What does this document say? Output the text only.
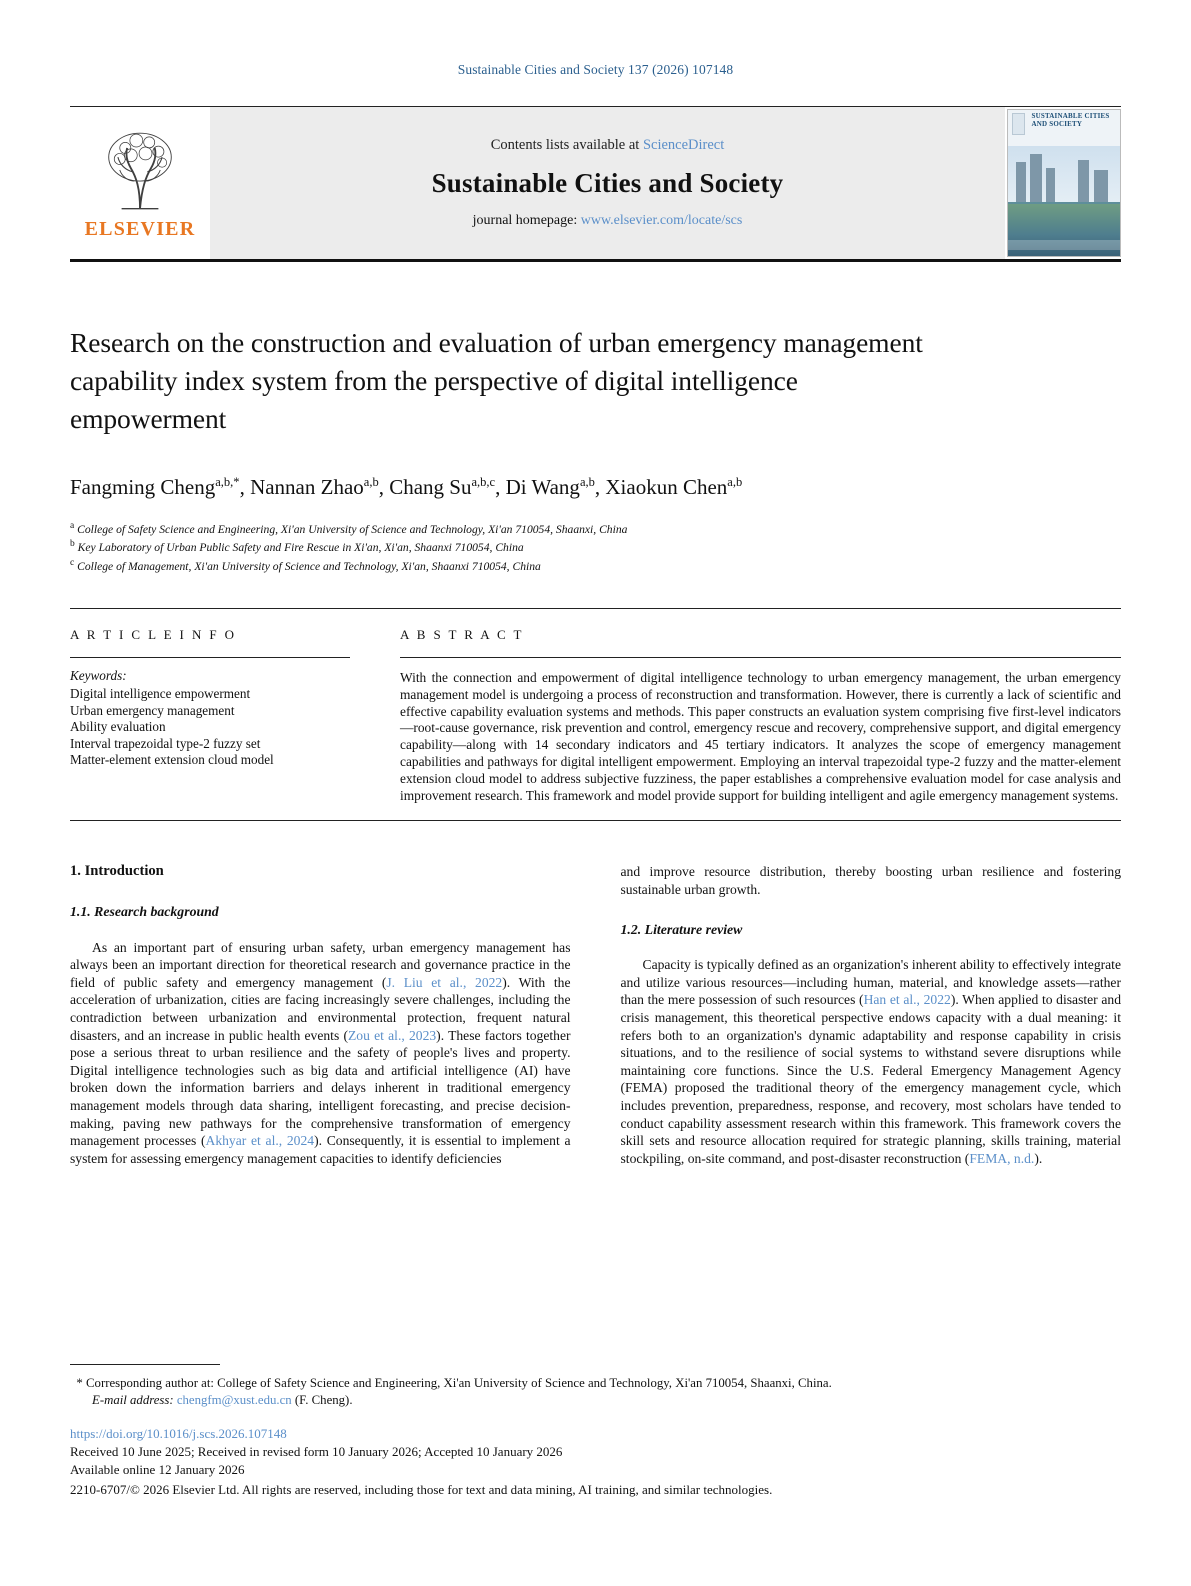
Sustainable Cities and Society 137 (2026) 107148
ELSEVIER
Contents lists available at ScienceDirect
Sustainable Cities and Society
journal homepage: www.elsevier.com/locate/scs
SUSTAINABLE CITIES AND SOCIETY
Research on the construction and evaluation of urban emergency management capability index system from the perspective of digital intelligence empowerment
Fangming Cheng$^{a,b,*}$, Nannan Zhao$^{a,b}$, Chang Su$^{a,b,c}$, Di Wang$^{a,b}$, Xiaokun Chen$^{a,b}$
$^a$ College of Safety Science and Engineering, Xi'an University of Science and Technology, Xi'an 710054, Shaanxi, China
$^b$ Key Laboratory of Urban Public Safety and Fire Rescue in Xi'an, Xi'an, Shaanxi 710054, China
$^c$ College of Management, Xi'an University of Science and Technology, Xi'an, Shaanxi 710054, China
A R T I C L E I N F O
Keywords:
Digital intelligence empowerment
Urban emergency management
Ability evaluation
Interval trapezoidal type-2 fuzzy set
Matter-element extension cloud model
A B S T R A C T
With the connection and empowerment of digital intelligence technology to urban emergency management, the urban emergency management model is undergoing a process of reconstruction and transformation. However, there is currently a lack of scientific and effective capability evaluation systems and methods. This paper constructs an evaluation system comprising five first-level indicators—root-cause governance, risk prevention and control, emergency rescue and recovery, comprehensive support, and digital emergency capability—along with 14 secondary indicators and 45 tertiary indicators. It analyzes the scope of emergency management capabilities and pathways for digital intelligent empowerment. Employing an interval trapezoidal type-2 fuzzy and the matter-element extension cloud model to address subjective fuzziness, the paper establishes a comprehensive evaluation model for case analysis and improvement research. This framework and model provide support for building intelligent and agile emergency management systems.
1. Introduction
1.1. Research background

As an important part of ensuring urban safety, urban emergency management has always been an important direction for theoretical research and governance practice in the field of public safety and emergency management (J. Liu et al., 2022). With the acceleration of urbanization, cities are facing increasingly severe challenges, including the contradiction between urbanization and environmental protection, frequent natural disasters, and an increase in public health events (Zou et al., 2023). These factors together pose a serious threat to urban resilience and the safety of people's lives and property. Digital intelligence technologies such as big data and artificial intelligence (AI) have broken down the information barriers and delays inherent in traditional emergency management models through data sharing, intelligent forecasting, and precise decision-making, paving new pathways for the comprehensive transformation of emergency management processes (Akhyar et al., 2024). Consequently, it is essential to implement a system for assessing emergency management capacities to identify deficiencies

and improve resource distribution, thereby boosting urban resilience and fostering sustainable urban growth.

1.2. Literature review

Capacity is typically defined as an organization's inherent ability to effectively integrate and utilize various resources—including human, material, and knowledge assets—rather than the mere possession of such resources (Han et al., 2022). When applied to disaster and crisis management, this theoretical perspective endows capacity with a dual meaning: it refers both to an organization's dynamic adaptability and response capability in crisis situations, and to the resilience of social systems to withstand severe disruptions while maintaining core functions. Since the U.S. Federal Emergency Management Agency (FEMA) proposed the traditional theory of the emergency management cycle, which includes prevention, preparedness, response, and recovery, most scholars have tended to conduct capability assessment research within this framework. This framework covers the skill sets and resource allocation required for strategic planning, skills training, material stockpiling, on-site command, and post-disaster reconstruction (FEMA, n.d.).

* Corresponding author at: College of Safety Science and Engineering, Xi'an University of Science and Technology, Xi'an 710054, Shaanxi, China.
E-mail address: chengfm@xust.edu.cn (F. Cheng).
https://doi.org/10.1016/j.scs.2026.107148
Received 10 June 2025; Received in revised form 10 January 2026; Accepted 10 January 2026
Available online 12 January 2026
2210-6707/© 2026 Elsevier Ltd. All rights are reserved, including those for text and data mining, AI training, and similar technologies.
